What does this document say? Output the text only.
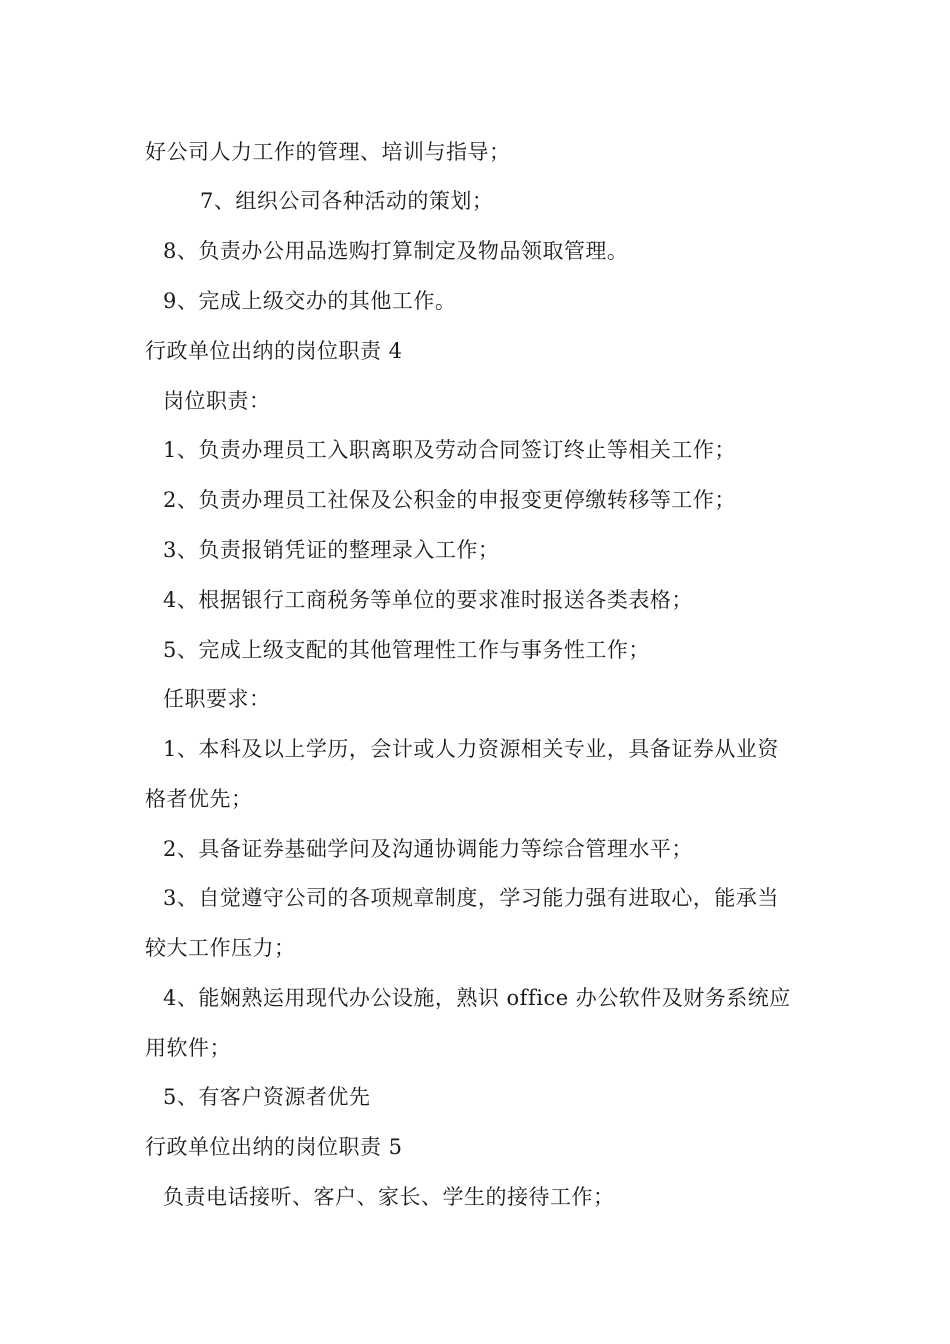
好公司人力工作的管理、培训与指导；
7、组织公司各种活动的策划；
8、负责办公用品选购打算制定及物品领取管理。
9、完成上级交办的其他工作。
行政单位出纳的岗位职责 4
岗位职责：
1、负责办理员工入职离职及劳动合同签订终止等相关工作；
2、负责办理员工社保及公积金的申报变更停缴转移等工作；
3、负责报销凭证的整理录入工作；
4、根据银行工商税务等单位的要求准时报送各类表格；
5、完成上级支配的其他管理性工作与事务性工作；
任职要求：
1、本科及以上学历，会计或人力资源相关专业，具备证券从业资
格者优先；
2、具备证券基础学问及沟通协调能力等综合管理水平；
3、自觉遵守公司的各项规章制度，学习能力强有进取心，能承当
较大工作压力；
4、能娴熟运用现代办公设施，熟识 office 办公软件及财务系统应
用软件；
5、有客户资源者优先
行政单位出纳的岗位职责 5
负责电话接听、客户、家长、学生的接待工作；
